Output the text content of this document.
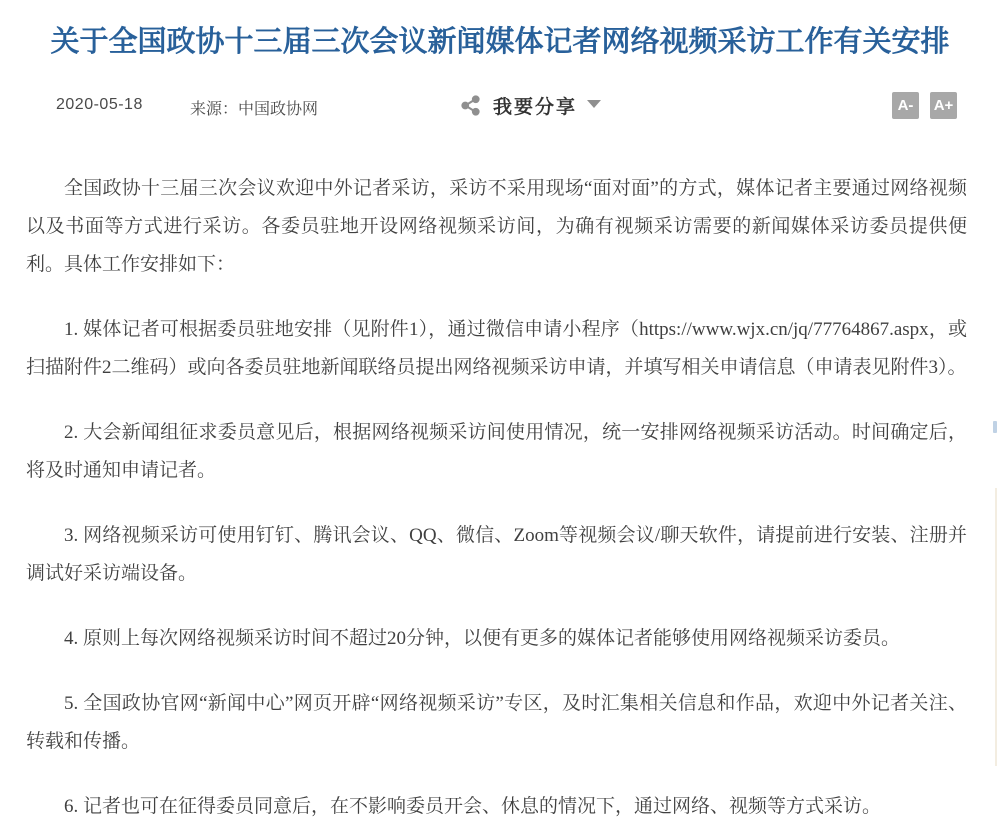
关于全国政协十三届三次会议新闻媒体记者网络视频采访工作有关安排
2020-05-18	来源：中国政协网	我要分享	A-	A+

全国政协十三届三次会议欢迎中外记者采访，采访不采用现场“面对面”的方式，媒体记者主要通过网络视频以及书面等方式进行采访。各委员驻地开设网络视频采访间，为确有视频采访需要的新闻媒体采访委员提供便利。具体工作安排如下：

1. 媒体记者可根据委员驻地安排（见附件1），通过微信申请小程序（https://www.wjx.cn/jq/77764867.aspx，或扫描附件2二维码）或向各委员驻地新闻联络员提出网络视频采访申请，并填写相关申请信息（申请表见附件3）。

2. 大会新闻组征求委员意见后，根据网络视频采访间使用情况，统一安排网络视频采访活动。时间确定后，将及时通知申请记者。

3. 网络视频采访可使用钉钉、腾讯会议、QQ、微信、Zoom等视频会议/聊天软件，请提前进行安装、注册并调试好采访端设备。

4. 原则上每次网络视频采访时间不超过20分钟，以便有更多的媒体记者能够使用网络视频采访委员。

5. 全国政协官网“新闻中心”网页开辟“网络视频采访”专区，及时汇集相关信息和作品，欢迎中外记者关注、转载和传播。

6. 记者也可在征得委员同意后，在不影响委员开会、休息的情况下，通过网络、视频等方式采访。
